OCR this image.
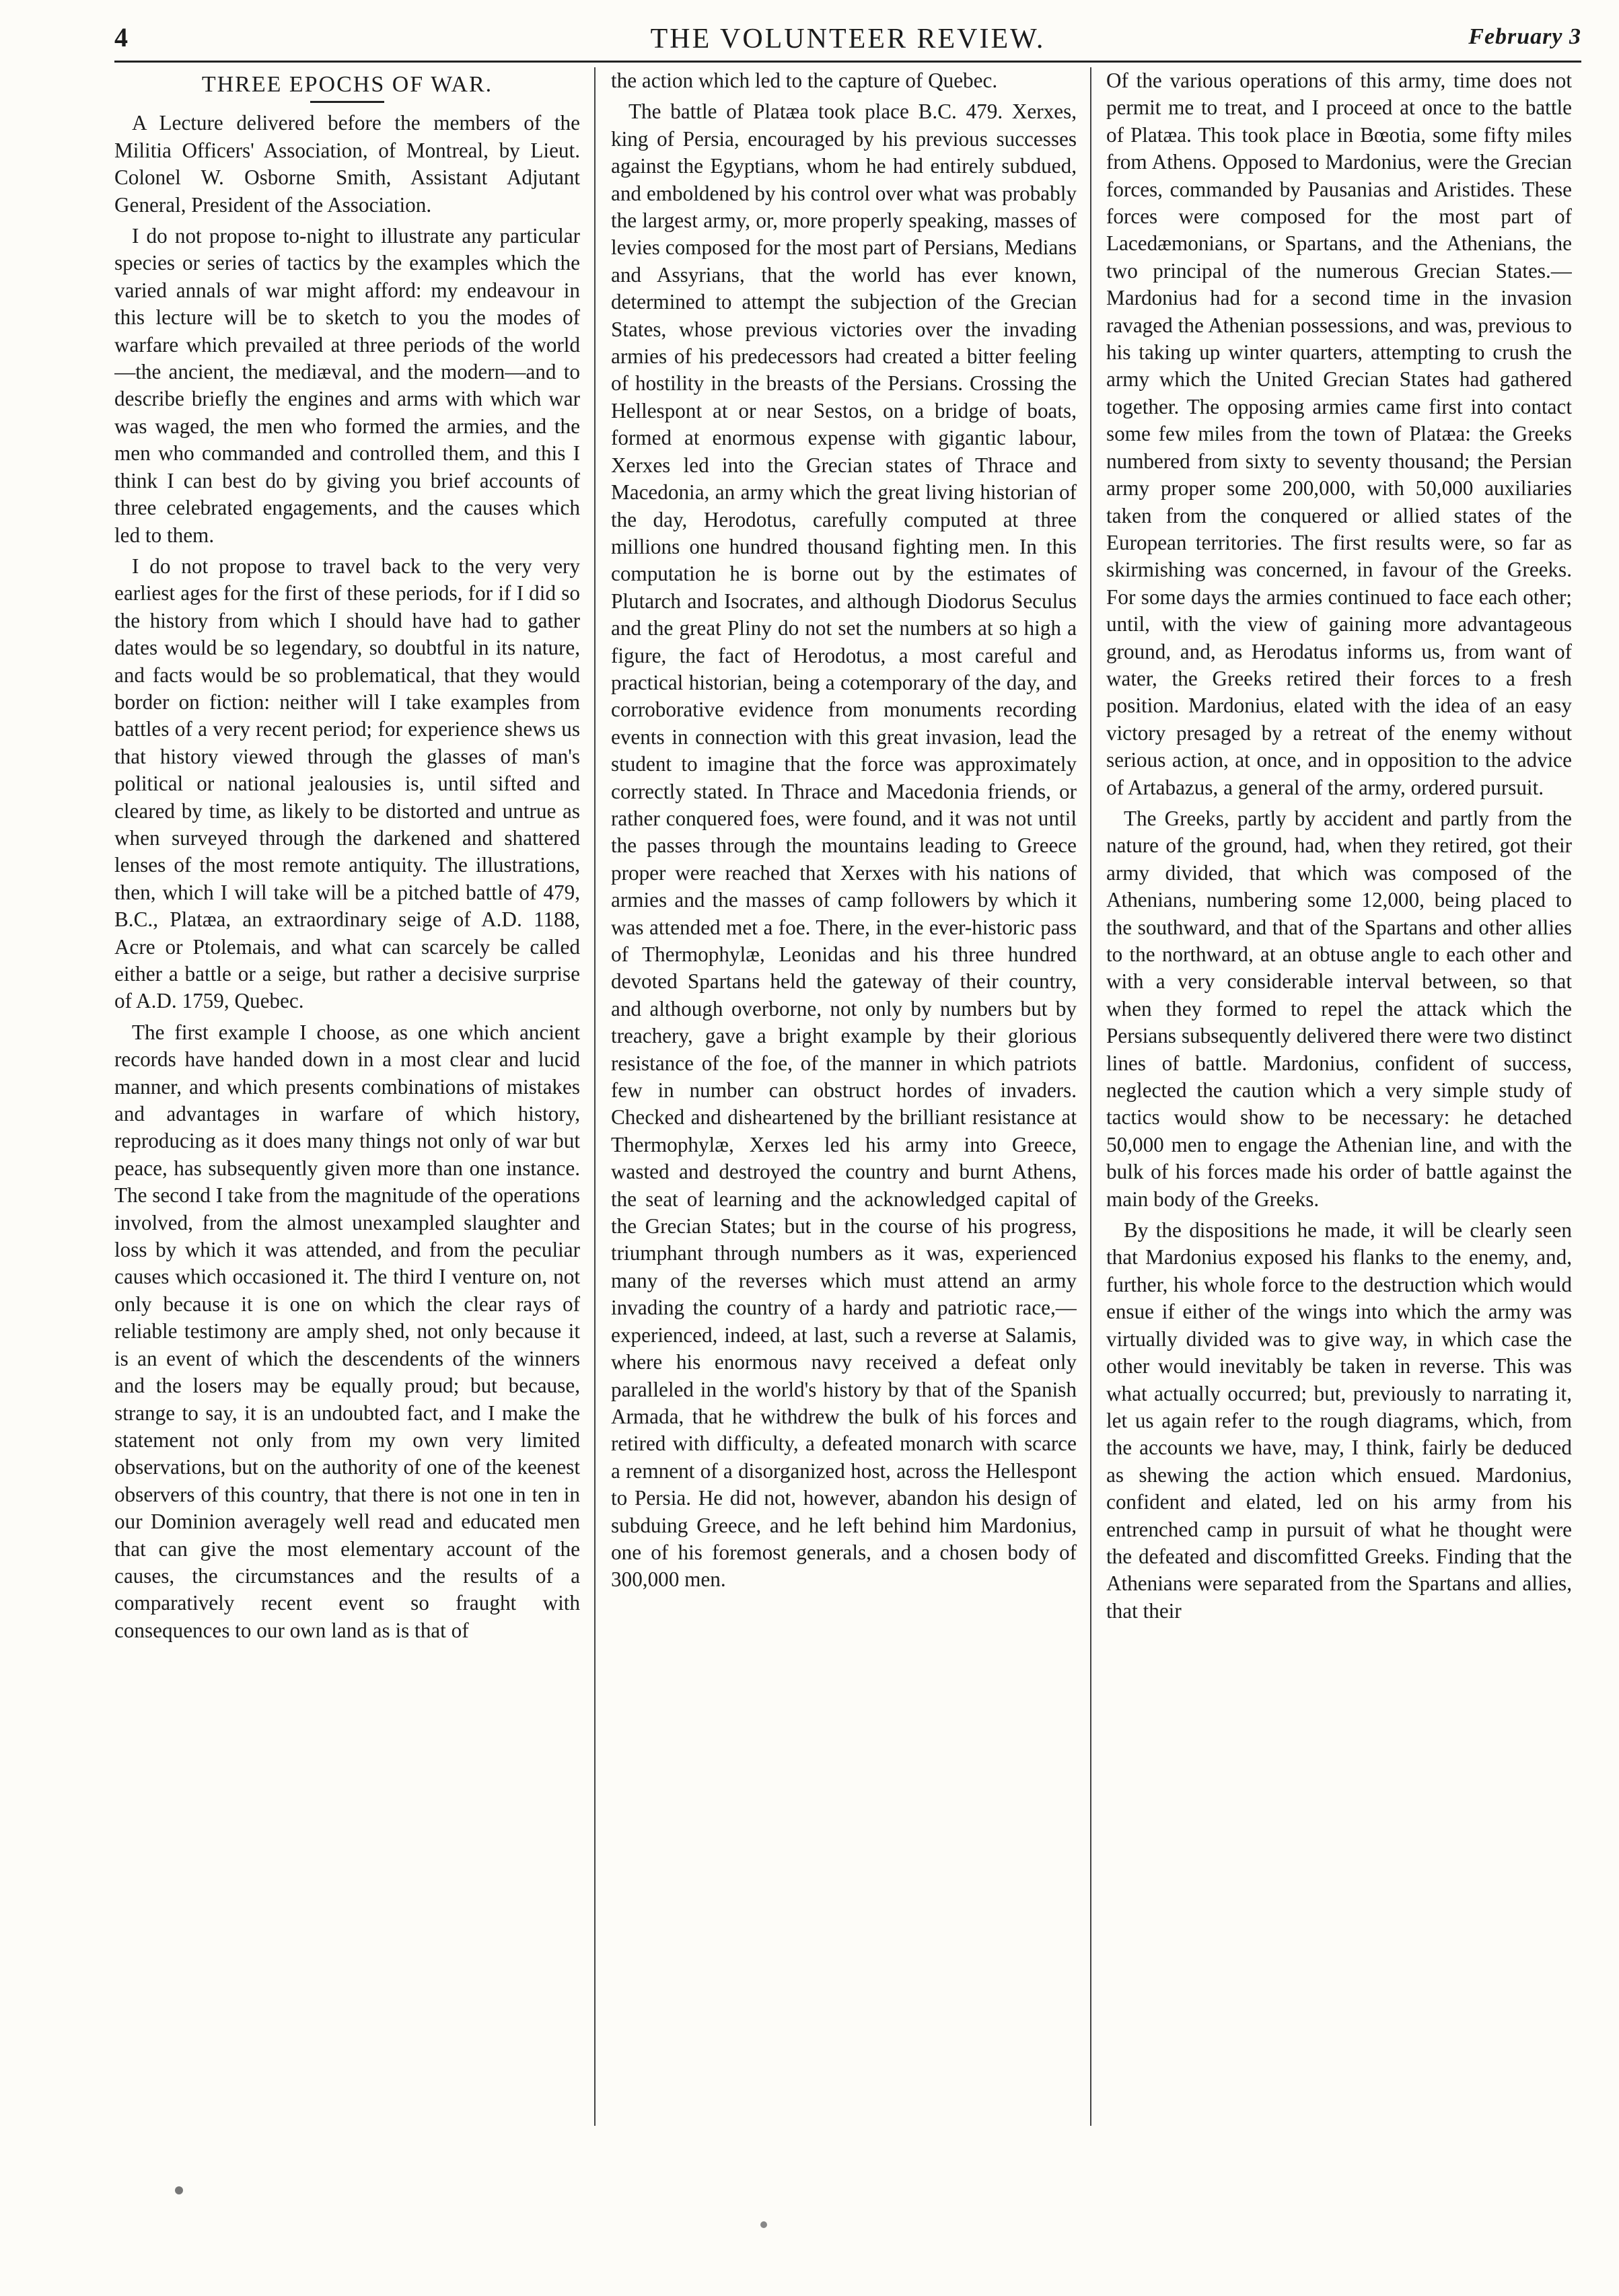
4	THE VOLUNTEER REVIEW.	February 3
THREE EPOCHS OF WAR.

A Lecture delivered before the members of the Militia Officers' Association, of Montreal, by Lieut. Colonel W. Osborne Smith, Assistant Adjutant General, President of the Association.

I do not propose to-night to illustrate any particular species or series of tactics by the examples which the varied annals of war might afford: my endeavour in this lecture will be to sketch to you the modes of warfare which prevailed at three periods of the world—the ancient, the mediæval, and the modern—and to describe briefly the engines and arms with which war was waged, the men who formed the armies, and the men who commanded and controlled them, and this I think I can best do by giving you brief accounts of three celebrated engagements, and the causes which led to them.

I do not propose to travel back to the very very earliest ages for the first of these periods, for if I did so the history from which I should have had to gather dates would be so legendary, so doubtful in its nature, and facts would be so problematical, that they would border on fiction: neither will I take examples from battles of a very recent period; for experience shews us that history viewed through the glasses of man's political or national jealousies is, until sifted and cleared by time, as likely to be distorted and untrue as when surveyed through the darkened and shattered lenses of the most remote antiquity. The illustrations, then, which I will take will be a pitched battle of 479, B.C., Platæa, an extraordinary seige of A.D. 1188, Acre or Ptolemais, and what can scarcely be called either a battle or a seige, but rather a decisive surprise of A.D. 1759, Quebec.

The first example I choose, as one which ancient records have handed down in a most clear and lucid manner, and which presents combinations of mistakes and advantages in warfare of which history, reproducing as it does many things not only of war but peace, has subsequently given more than one instance. The second I take from the magnitude of the operations involved, from the almost unexampled slaughter and loss by which it was attended, and from the peculiar causes which occasioned it. The third I venture on, not only because it is one on which the clear rays of reliable testimony are amply shed, not only because it is an event of which the descendents of the winners and the losers may be equally proud; but because, strange to say, it is an undoubted fact, and I make the statement not only from my own very limited observations, but on the authority of one of the keenest observers of this country, that there is not one in ten in our Dominion averagely well read and educated men that can give the most elementary account of the causes, the circumstances and the results of a comparatively recent event so fraught with consequences to our own land as is that of

the action which led to the capture of Quebec.

The battle of Platæa took place B.C. 479. Xerxes, king of Persia, encouraged by his previous successes against the Egyptians, whom he had entirely subdued, and emboldened by his control over what was probably the largest army, or, more properly speaking, masses of levies composed for the most part of Persians, Medians and Assyrians, that the world has ever known, determined to attempt the subjection of the Grecian States, whose previous victories over the invading armies of his predecessors had created a bitter feeling of hostility in the breasts of the Persians. Crossing the Hellespont at or near Sestos, on a bridge of boats, formed at enormous expense with gigantic labour, Xerxes led into the Grecian states of Thrace and Macedonia, an army which the great living historian of the day, Herodotus, carefully computed at three millions one hundred thousand fighting men. In this computation he is borne out by the estimates of Plutarch and Isocrates, and although Diodorus Seculus and the great Pliny do not set the numbers at so high a figure, the fact of Herodotus, a most careful and practical historian, being a cotemporary of the day, and corroborative evidence from monuments recording events in connection with this great invasion, lead the student to imagine that the force was approximately correctly stated. In Thrace and Macedonia friends, or rather conquered foes, were found, and it was not until the passes through the mountains leading to Greece proper were reached that Xerxes with his nations of armies and the masses of camp followers by which it was attended met a foe. There, in the ever-historic pass of Thermophylæ, Leonidas and his three hundred devoted Spartans held the gateway of their country, and although overborne, not only by numbers but by treachery, gave a bright example by their glorious resistance of the foe, of the manner in which patriots few in number can obstruct hordes of invaders. Checked and disheartened by the brilliant resistance at Thermophylæ, Xerxes led his army into Greece, wasted and destroyed the country and burnt Athens, the seat of learning and the acknowledged capital of the Grecian States; but in the course of his progress, triumphant through numbers as it was, experienced many of the reverses which must attend an army invading the country of a hardy and patriotic race,— experienced, indeed, at last, such a reverse at Salamis, where his enormous navy received a defeat only paralleled in the world's history by that of the Spanish Armada, that he withdrew the bulk of his forces and retired with difficulty, a defeated monarch with scarce a remnent of a disorganized host, across the Hellespont to Persia. He did not, however, abandon his design of subduing Greece, and he left behind him Mardonius, one of his foremost generals, and a chosen body of 300,000 men.

Of the various operations of this army, time does not permit me to treat, and I proceed at once to the battle of Platæa. This took place in Bœotia, some fifty miles from Athens. Opposed to Mardonius, were the Grecian forces, commanded by Pausanias and Aristides. These forces were composed for the most part of Lacedæmonians, or Spartans, and the Athenians, the two principal of the numerous Grecian States.— Mardonius had for a second time in the invasion ravaged the Athenian possessions, and was, previous to his taking up winter quarters, attempting to crush the army which the United Grecian States had gathered together. The opposing armies came first into contact some few miles from the town of Platæa: the Greeks numbered from sixty to seventy thousand; the Persian army proper some 200,000, with 50,000 auxiliaries taken from the conquered or allied states of the European territories. The first results were, so far as skirmishing was concerned, in favour of the Greeks. For some days the armies continued to face each other; until, with the view of gaining more advantageous ground, and, as Herodatus informs us, from want of water, the Greeks retired their forces to a fresh position. Mardonius, elated with the idea of an easy victory presaged by a retreat of the enemy without serious action, at once, and in opposition to the advice of Artabazus, a general of the army, ordered pursuit.

The Greeks, partly by accident and partly from the nature of the ground, had, when they retired, got their army divided, that which was composed of the Athenians, numbering some 12,000, being placed to the southward, and that of the Spartans and other allies to the northward, at an obtuse angle to each other and with a very considerable interval between, so that when they formed to repel the attack which the Persians subsequently delivered there were two distinct lines of battle. Mardonius, confident of success, neglected the caution which a very simple study of tactics would show to be necessary: he detached 50,000 men to engage the Athenian line, and with the bulk of his forces made his order of battle against the main body of the Greeks.

By the dispositions he made, it will be clearly seen that Mardonius exposed his flanks to the enemy, and, further, his whole force to the destruction which would ensue if either of the wings into which the army was virtually divided was to give way, in which case the other would inevitably be taken in reverse. This was what actually occurred; but, previously to narrating it, let us again refer to the rough diagrams, which, from the accounts we have, may, I think, fairly be deduced as shewing the action which ensued. Mardonius, confident and elated, led on his army from his entrenched camp in pursuit of what he thought were the defeated and discomfitted Greeks. Finding that the Athenians were separated from the Spartans and allies, that their
